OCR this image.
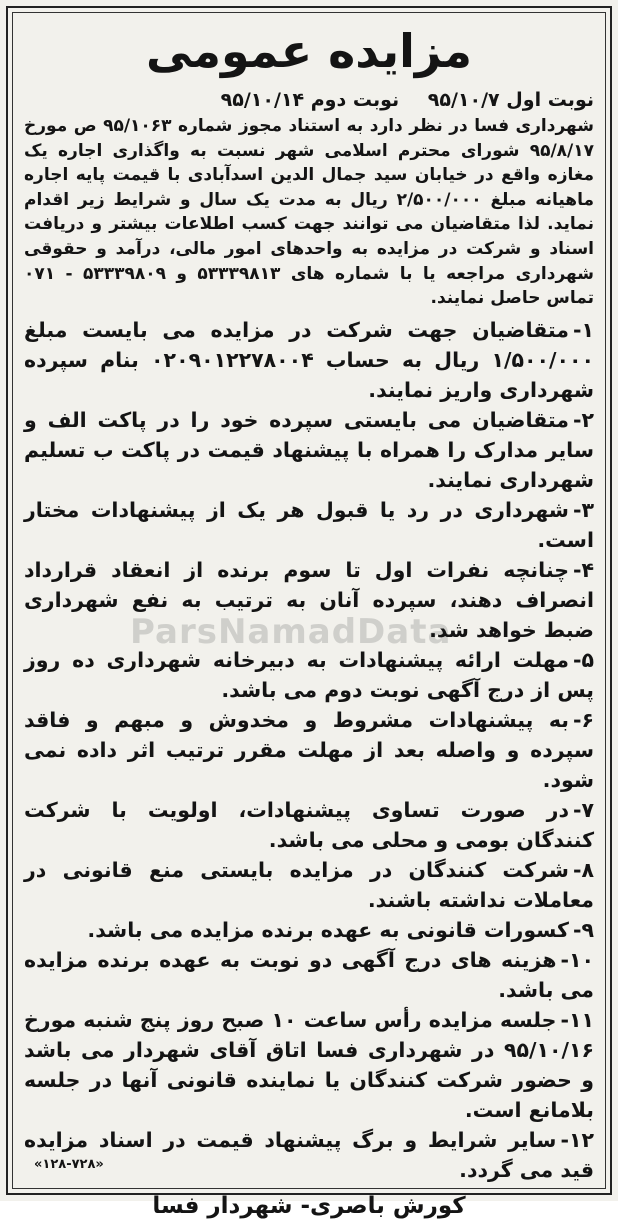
ParsNamadData
مزایده عمومی
نوبت اول ۹۵/۱۰/۷ نوبت دوم ۹۵/۱۰/۱۴

شهرداری فسا در نظر دارد به استناد مجوز شماره ۹۵/۱۰۶۳ ص مورخ ۹۵/۸/۱۷ شورای محترم اسلامی شهر نسبت به واگذاری اجاره یک مغازه واقع در خیابان سید جمال الدین اسدآبادی با قیمت پایه اجاره ماهیانه مبلغ ۲/۵۰۰/۰۰۰ ریال به مدت یک سال و شرایط زیر اقدام نماید. لذا متقاضیان می توانند جهت کسب اطلاعات بیشتر و دریافت اسناد و شرکت در مزایده به واحدهای امور مالی، درآمد و حقوقی شهرداری مراجعه یا با شماره های ۵۳۳۳۹۸۱۳ و ۵۳۳۳۹۸۰۹ - ۰۷۱ تماس حاصل نمایند.

۱-متقاضیان جهت شرکت در مزایده می بایست مبلغ ۱/۵۰۰/۰۰۰ ریال به حساب ۰۲۰۹۰۱۲۲۷۸۰۰۴ بنام سپرده شهرداری واریز نمایند.

۲-متقاضیان می بایستی سپرده خود را در پاکت الف و سایر مدارک را همراه با پیشنهاد قیمت در پاکت ب تسلیم شهرداری نمایند.

۳-شهرداری در رد یا قبول هر یک از پیشنهادات مختار است.

۴-چنانچه نفرات اول تا سوم برنده از انعقاد قرارداد انصراف دهند، سپرده آنان به ترتیب به نفع شهرداری ضبط خواهد شد.

۵-مهلت ارائه پیشنهادات به دبیرخانه شهرداری ده روز پس از درج آگهی نوبت دوم می باشد.

۶-به پیشنهادات مشروط و مخدوش و مبهم و فاقد سپرده و واصله بعد از مهلت مقرر ترتیب اثر داده نمی شود.

۷-در صورت تساوی پیشنهادات، اولویت با شرکت کنندگان بومی و محلی می باشد.

۸-شرکت کنندگان در مزایده بایستی منع قانونی در معاملات نداشته باشند.

۹-کسورات قانونی به عهده برنده مزایده می باشد.

۱۰-هزینه های درج آگهی دو نوبت به عهده برنده مزایده می باشد.

۱۱-جلسه مزایده رأس ساعت ۱۰ صبح روز پنج شنبه مورخ ۹۵/۱۰/۱۶ در شهرداری فسا اتاق آقای شهردار می باشد و حضور شرکت کنندگان یا نماینده قانونی آنها در جلسه بلامانع است.

۱۲-سایر شرایط و برگ پیشنهاد قیمت در اسناد مزایده قید می گردد.

کورش باصری- شهردار فسا
«۱۲۸-۷۲۸»
